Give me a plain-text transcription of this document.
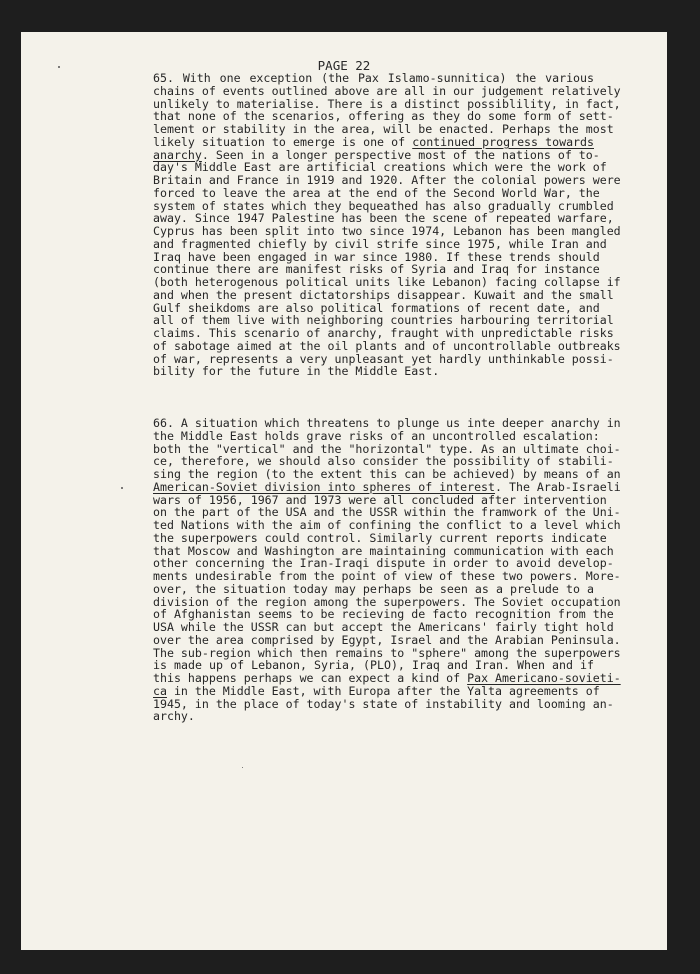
PAGE 22
65. With one exception (the Pax Islamo-sunnitica) the various
chains of events outlined above are all in our judgement relatively
unlikely to materialise. There is a distinct possiblility, in fact,
that none of the scenarios, offering as they do some form of sett-
lement or stability in the area, will be enacted. Perhaps the most
likely situation to emerge is one of continued progress towards
anarchy. Seen in a longer perspective most of the nations of to-
day's Middle East are artificial creations which were the work of
Britain and France in 1919 and 1920. After the colonial powers were
forced to leave the area at the end of the Second World War, the
system of states which they bequeathed has also gradually crumbled
away. Since 1947 Palestine has been the scene of repeated warfare,
Cyprus has been split into two since 1974, Lebanon has been mangled
and fragmented chiefly by civil strife since 1975, while Iran and
Iraq have been engaged in war since 1980. If these trends should
continue there are manifest risks of Syria and Iraq for instance
(both heterogenous political units like Lebanon) facing collapse if
and when the present dictatorships disappear. Kuwait and the small
Gulf sheikdoms are also political formations of recent date, and
all of them live with neighboring countries harbouring territorial
claims. This scenario of anarchy, fraught with unpredictable risks
of sabotage aimed at the oil plants and of uncontrollable outbreaks
of war, represents a very unpleasant yet hardly unthinkable possi-
bility for the future in the Middle East.
66. A situation which threatens to plunge us inte deeper anarchy in
the Middle East holds grave risks of an uncontrolled escalation:
both the "vertical" and the "horizontal" type. As an ultimate choi-
ce, therefore, we should also consider the possibility of stabili-
sing the region (to the extent this can be achieved) by means of an
American-Soviet division into spheres of interest. The Arab-Israeli
wars of 1956, 1967 and 1973 were all concluded after intervention
on the part of the USA and the USSR within the framwork of the Uni-
ted Nations with the aim of confining the conflict to a level which
the superpowers could control. Similarly current reports indicate
that Moscow and Washington are maintaining communication with each
other concerning the Iran-Iraqi dispute in order to avoid develop-
ments undesirable from the point of view of these two powers. More-
over, the situation today may perhaps be seen as a prelude to a
division of the region among the superpowers. The Soviet occupation
of Afghanistan seems to be recieving de facto recognition from the
USA while the USSR can but accept the Americans' fairly tight hold
over the area comprised by Egypt, Israel and the Arabian Peninsula.
The sub-region which then remains to "sphere" among the superpowers
is made up of Lebanon, Syria, (PLO), Iraq and Iran. When and if
this happens perhaps we can expect a kind of Pax Americano-sovieti-
ca in the Middle East, with Europa after the Yalta agreements of
1945, in the place of today's state of instability and looming an-
archy.
